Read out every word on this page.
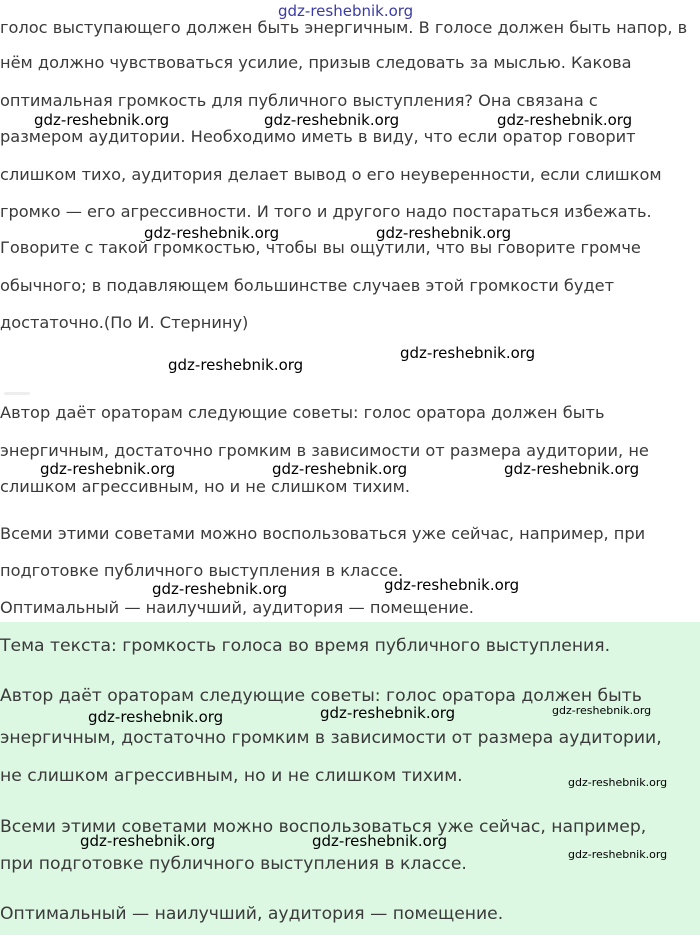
голос выступающего должен быть энергичным. В голосе должен быть напор, в
нём должно чувствоваться усилие, призыв следовать за мыслью. Какова
оптимальная громкость для публичного выступления? Она связана с
размером аудитории. Необходимо иметь в виду, что если оратор говорит
слишком тихо, аудитория делает вывод о его неуверенности, если слишком
громко — его агрессивности. И того и другого надо постараться избежать.
Говорите с такой громкостью, чтобы вы ощутили, что вы говорите громче
обычного; в подавляющем большинстве случаев этой громкости будет
достаточно.(По И. Стернину)
Автор даёт ораторам следующие советы: голос оратора должен быть
энергичным, достаточно громким в зависимости от размера аудитории, не
слишком агрессивным, но и не слишком тихим.
Всеми этими советами можно воспользоваться уже сейчас, например, при
подготовке публичного выступления в классе.
Оптимальный — наилучший, аудитория — помещение.
Тема текста: громкость голоса во время публичного выступления.
Автор даёт ораторам следующие советы: голос оратора должен быть
энергичным, достаточно громким в зависимости от размера аудитории,
не слишком агрессивным, но и не слишком тихим.
Всеми этими советами можно воспользоваться уже сейчас, например,
при подготовке публичного выступления в классе.
Оптимальный — наилучший, аудитория — помещение.
gdz-reshebnik.org
gdz-reshebnik.org	gdz-reshebnik.org	gdz-reshebnik.org
gdz-reshebnik.org	gdz-reshebnik.org
gdz-reshebnik.org
gdz-reshebnik.org
gdz-reshebnik.org	gdz-reshebnik.org	gdz-reshebnik.org
gdz-reshebnik.org	gdz-reshebnik.org
gdz-reshebnik.org	gdz-reshebnik.org	gdz-reshebnik.org
gdz-reshebnik.org
gdz-reshebnik.org	gdz-reshebnik.org
gdz-reshebnik.org
